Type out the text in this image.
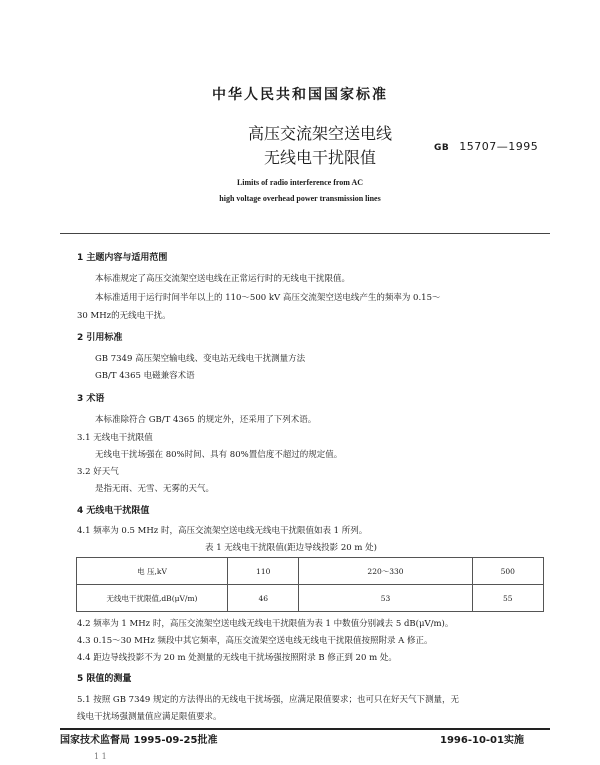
中华人民共和国国家标准
高压交流架空送电线
无线电干扰限值	GB 15707—1995
Limits of radio interference from AC
high voltage overhead power transmission lines
1 主题内容与适用范围
本标准规定了高压交流架空送电线在正常运行时的无线电干扰限值。
本标准适用于运行时间半年以上的 110～500 kV 高压交流架空送电线产生的频率为 0.15～
30 MHz的无线电干扰。
2 引用标准
GB 7349 高压架空输电线、变电站无线电干扰测量方法
GB/T 4365 电磁兼容术语
3 术语
本标准除符合 GB/T 4365 的规定外，还采用了下列术语。
3.1 无线电干扰限值
无线电干扰场强在 80%时间、具有 80%置信度不超过的规定值。
3.2 好天气
是指无雨、无雪、无雾的天气。
4 无线电干扰限值
4.1 频率为 0.5 MHz 时，高压交流架空送电线无线电干扰限值如表 1 所列。
表 1 无线电干扰限值(距边导线投影 20 m 处)
电 压,kV	110	220～330	500
无线电干扰限值,dB(μV/m)	46	53	55
4.2 频率为 1 MHz 时，高压交流架空送电线无线电干扰限值为表 1 中数值分别减去 5 dB(μV/m)。
4.3 0.15～30 MHz 频段中其它频率，高压交流架空送电线无线电干扰限值按照附录 A 修正。
4.4 距边导线投影不为 20 m 处测量的无线电干扰场强按照附录 B 修正到 20 m 处。
5 限值的测量
5.1 按照 GB 7349 规定的方法得出的无线电干扰场强，应满足限值要求；也可只在好天气下测量，无
线电干扰场强测量值应满足限值要求。
国家技术监督局 1995-09-25批准	1996-10-01实施
1 1
